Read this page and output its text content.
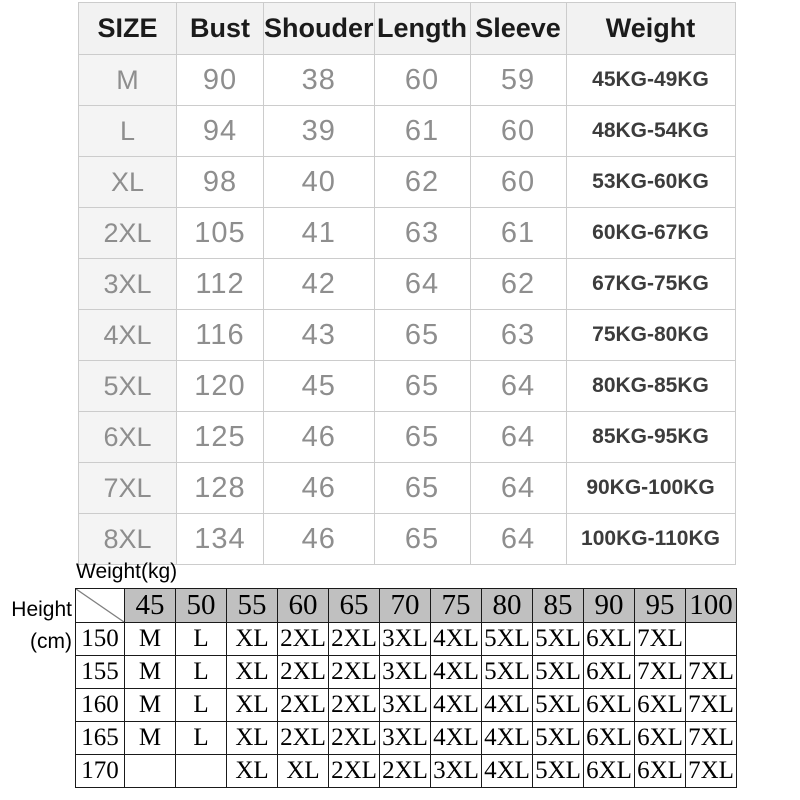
SIZE	Bust	Shouder	Length	Sleeve	Weight
M	90	38	60	59	45KG-49KG
L	94	39	61	60	48KG-54KG
XL	98	40	62	60	53KG-60KG
2XL	105	41	63	61	60KG-67KG
3XL	112	42	64	62	67KG-75KG
4XL	116	43	65	63	75KG-80KG
5XL	120	45	65	64	80KG-85KG
6XL	125	46	65	64	85KG-95KG
7XL	128	46	65	64	90KG-100KG
8XL	134	46	65	64	100KG-110KG
Weight(kg)
Height
(cm)
	45	50	55	60	65	70	75	80	85	90	95	100
150	M	L	XL	2XL	2XL	3XL	4XL	5XL	5XL	6XL	7XL	
155	M	L	XL	2XL	2XL	3XL	4XL	5XL	5XL	6XL	7XL	7XL
160	M	L	XL	2XL	2XL	3XL	4XL	4XL	5XL	6XL	6XL	7XL
165	M	L	XL	2XL	2XL	3XL	4XL	4XL	5XL	6XL	6XL	7XL
170			XL	XL	2XL	2XL	3XL	4XL	5XL	6XL	6XL	7XL
